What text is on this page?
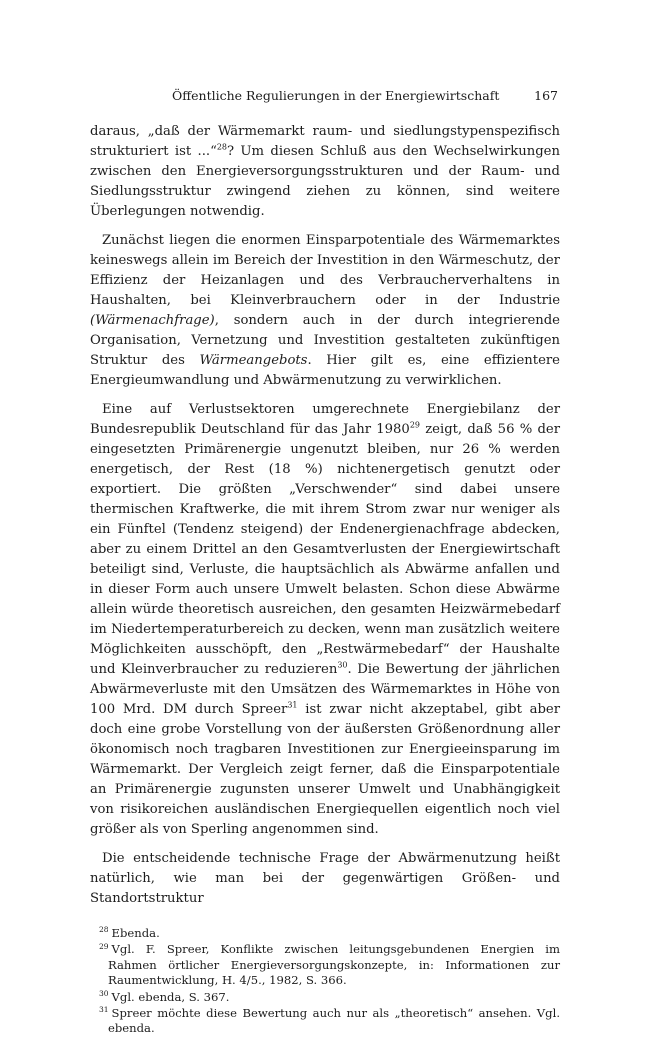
Öffentliche Regulierungen in der Energiewirtschaft	167

daraus, „daß der Wärmemarkt raum- und siedlungstypenspezifisch strukturiert ist ...“$^{28}$? Um diesen Schluß aus den Wechselwirkungen zwischen den Energieversorgungsstrukturen und der Raum- und Siedlungsstruktur zwingend ziehen zu können, sind weitere Überlegungen notwendig.

Zunächst liegen die enormen Einsparpotentiale des Wärmemarktes keineswegs allein im Bereich der Investition in den Wärmeschutz, der Effizienz der Heizanlagen und des Verbraucherverhaltens in Haushalten, bei Kleinverbrauchern oder in der Industrie (Wärmenachfrage), sondern auch in der durch integrierende Organisation, Vernetzung und Investition gestalteten zukünftigen Struktur des Wärmeangebots. Hier gilt es, eine effizientere Energieumwandlung und Abwärmenutzung zu verwirklichen.

Eine auf Verlustsektoren umgerechnete Energiebilanz der Bundesrepublik Deutschland für das Jahr 1980$^{29}$ zeigt, daß 56 % der eingesetzten Primärenergie ungenutzt bleiben, nur 26 % werden energetisch, der Rest (18 %) nichtenergetisch genutzt oder exportiert. Die größten „Verschwender“ sind dabei unsere thermischen Kraftwerke, die mit ihrem Strom zwar nur weniger als ein Fünftel (Tendenz steigend) der Endenergienachfrage abdecken, aber zu einem Drittel an den Gesamtverlusten der Energiewirtschaft beteiligt sind, Verluste, die hauptsächlich als Abwärme anfallen und in dieser Form auch unsere Umwelt belasten. Schon diese Abwärme allein würde theoretisch ausreichen, den gesamten Heizwärmebedarf im Niedertemperaturbereich zu decken, wenn man zusätzlich weitere Möglichkeiten ausschöpft, den „Restwärmebedarf“ der Haushalte und Kleinverbraucher zu reduzieren$^{30}$. Die Bewertung der jährlichen Abwärmeverluste mit den Umsätzen des Wärmemarktes in Höhe von 100 Mrd. DM durch Spreer$^{31}$ ist zwar nicht akzeptabel, gibt aber doch eine grobe Vorstellung von der äußersten Größenordnung aller ökonomisch noch tragbaren Investitionen zur Energieeinsparung im Wärmemarkt. Der Vergleich zeigt ferner, daß die Einsparpotentiale an Primärenergie zugunsten unserer Umwelt und Unabhängigkeit von risikoreichen ausländischen Energiequellen eigentlich noch viel größer als von Sperling angenommen sind.

Die entscheidende technische Frage der Abwärmenutzung heißt natürlich, wie man bei der gegenwärtigen Größen- und Standortstruktur

$^{28}$ Ebenda.

$^{29}$ Vgl. F. Spreer, Konflikte zwischen leitungsgebundenen Energien im Rahmen örtlicher Energieversorgungskonzepte, in: Informationen zur Raumentwicklung, H. 4/5., 1982, S. 366.

$^{30}$ Vgl. ebenda, S. 367.

$^{31}$ Spreer möchte diese Bewertung auch nur als „theoretisch“ ansehen. Vgl. ebenda.
